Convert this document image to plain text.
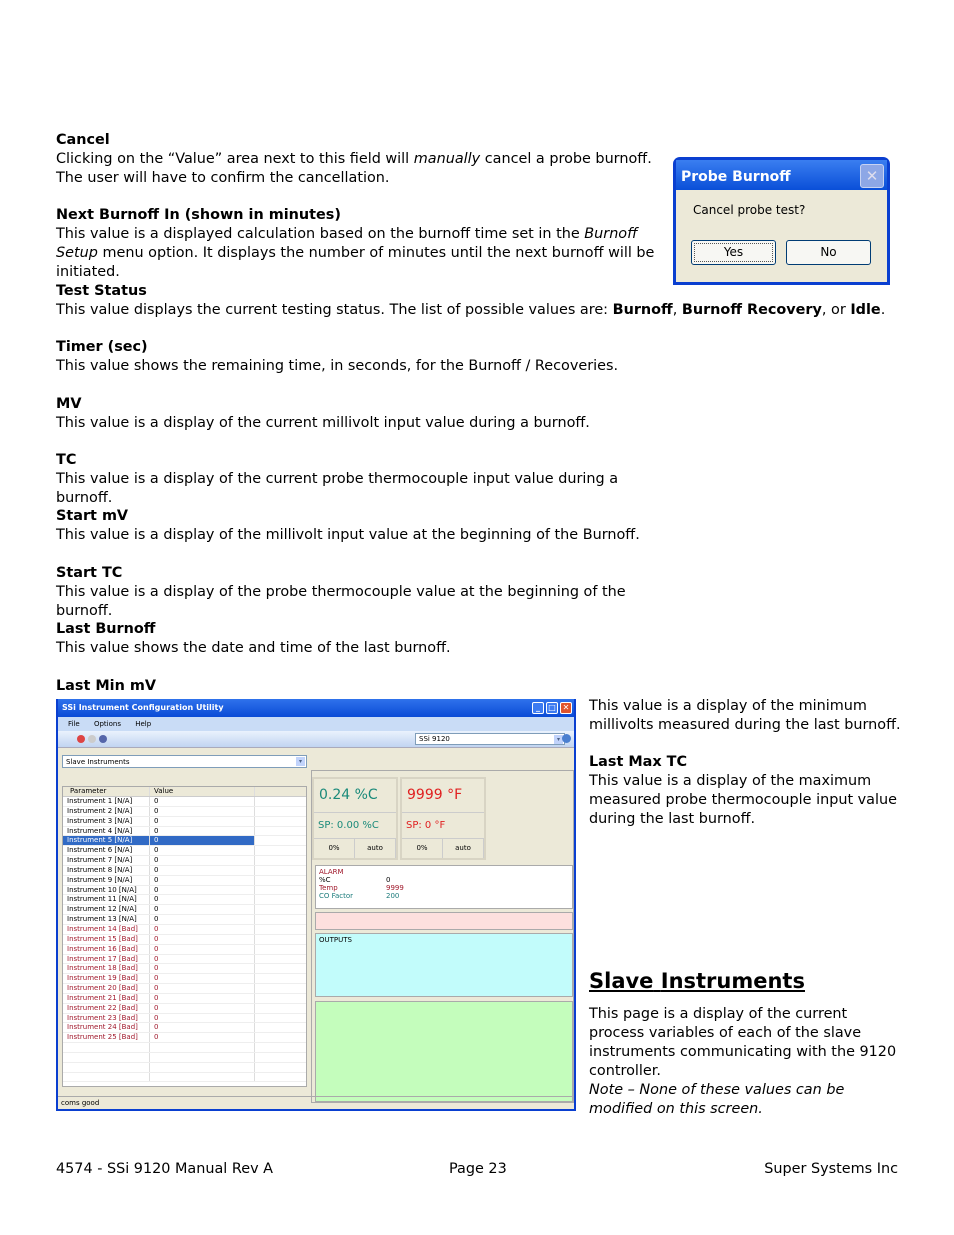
Cancel

Clicking on the “Value” area next to this field will manually cancel a probe burnoff. The user will have to confirm the cancellation.

Next Burnoff In (shown in minutes)

This value is a displayed calculation based on the burnoff time set in the Burnoff Setup menu option. It displays the number of minutes until the next burnoff will be initiated.

Test Status

This value displays the current testing status. The list of possible values are: Burnoff, Burnoff Recovery, or Idle.

Timer (sec)

This value shows the remaining time, in seconds, for the Burnoff / Recoveries.

MV

This value is a display of the current millivolt input value during a burnoff.

TC

This value is a display of the current probe thermocouple input value during a burnoff.

Start mV

This value is a display of the millivolt input value at the beginning of the Burnoff.

Start TC

This value is a display of the probe thermocouple value at the beginning of the burnoff.

Last Burnoff

This value shows the date and time of the last burnoff.

Last Min mV
Probe Burnoff	✕
Cancel probe test?
Yes	No
SSi Instrument Configuration Utility	_	□ ✕
File Options Help
SSi 9120	▾
Slave Instruments	▾
Parameter	Value
Instrument 1 [N/A]	0
Instrument 2 [N/A]	0
Instrument 3 [N/A]	0
Instrument 4 [N/A]	0
Instrument 5 [N/A]	0
Instrument 6 [N/A]	0
Instrument 7 [N/A]	0
Instrument 8 [N/A]	0
Instrument 9 [N/A]	0
Instrument 10 [N/A]	0
Instrument 11 [N/A]	0
Instrument 12 [N/A]	0
Instrument 13 [N/A]	0
Instrument 14 [Bad]	0
Instrument 15 [Bad]	0
Instrument 16 [Bad]	0
Instrument 17 [Bad]	0
Instrument 18 [Bad]	0
Instrument 19 [Bad]	0
Instrument 20 [Bad]	0
Instrument 21 [Bad]	0
Instrument 22 [Bad]	0
Instrument 23 [Bad]	0
Instrument 24 [Bad]	0
Instrument 25 [Bad]	0
0.24 %C
SP: 0.00 %C
0%	auto
9999 °F
SP: 0 °F
0%	auto
ALARM
%C	0
Temp	9999
CO Factor	200
OUTPUTS
coms good
This value is a display of the minimum millivolts measured during the last burnoff.
Last Max TC

This value is a display of the maximum measured probe thermocouple input value during the last burnoff.

Slave Instruments

This page is a display of the current process variables of each of the slave instruments communicating with the 9120 controller.

Note – None of these values can be modified on this screen.

4574 - SSi 9120 Manual Rev A	Page 23	Super Systems Inc
